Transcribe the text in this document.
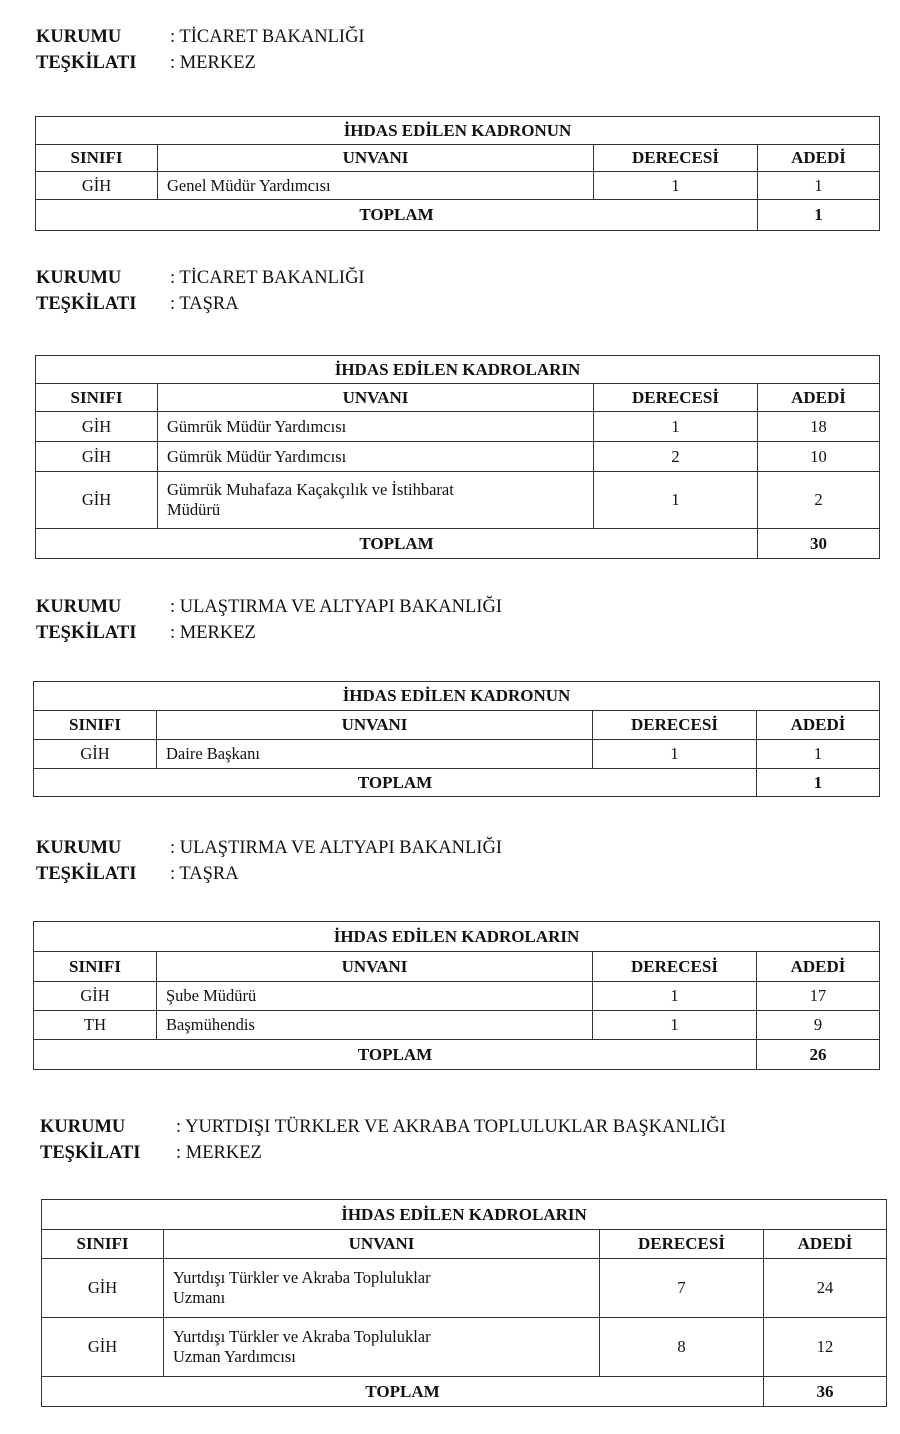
KURUMU	: TİCARET BAKANLIĞI
TEŞKİLATI : MERKEZ
İHDAS EDİLEN KADRONUN			
SINIFI	UNVANI	DERECESİ	ADEDİ
GİH	Genel Müdür Yardımcısı	1	1
TOPLAM			1
KURUMU	: TİCARET BAKANLIĞI
TEŞKİLATI : TAŞRA
İHDAS EDİLEN KADROLARIN			
SINIFI	UNVANI	DERECESİ	ADEDİ
GİH	Gümrük Müdür Yardımcısı	1	18
GİH	Gümrük Müdür Yardımcısı	2	10
GİH	Gümrük Muhafaza Kaçakçılık ve İstihbarat
Müdürü	1	2
TOPLAM			30
KURUMU	: ULAŞTIRMA VE ALTYAPI BAKANLIĞI
TEŞKİLATI : MERKEZ
İHDAS EDİLEN KADRONUN			
SINIFI	UNVANI	DERECESİ	ADEDİ
GİH	Daire Başkanı	1	1
TOPLAM			1
KURUMU	: ULAŞTIRMA VE ALTYAPI BAKANLIĞI
TEŞKİLATI : TAŞRA
İHDAS EDİLEN KADROLARIN			
SINIFI	UNVANI	DERECESİ	ADEDİ
GİH	Şube Müdürü	1	17
TH	Başmühendis	1	9
TOPLAM			26
KURUMU	: YURTDIŞI TÜRKLER VE AKRABA TOPLULUKLAR BAŞKANLIĞI
TEŞKİLATI : MERKEZ
İHDAS EDİLEN KADROLARIN			
SINIFI	UNVANI	DERECESİ	ADEDİ
GİH	Yurtdışı Türkler ve Akraba Topluluklar
Uzmanı	7	24
GİH	Yurtdışı Türkler ve Akraba Topluluklar
Uzman Yardımcısı	8	12
TOPLAM			36
